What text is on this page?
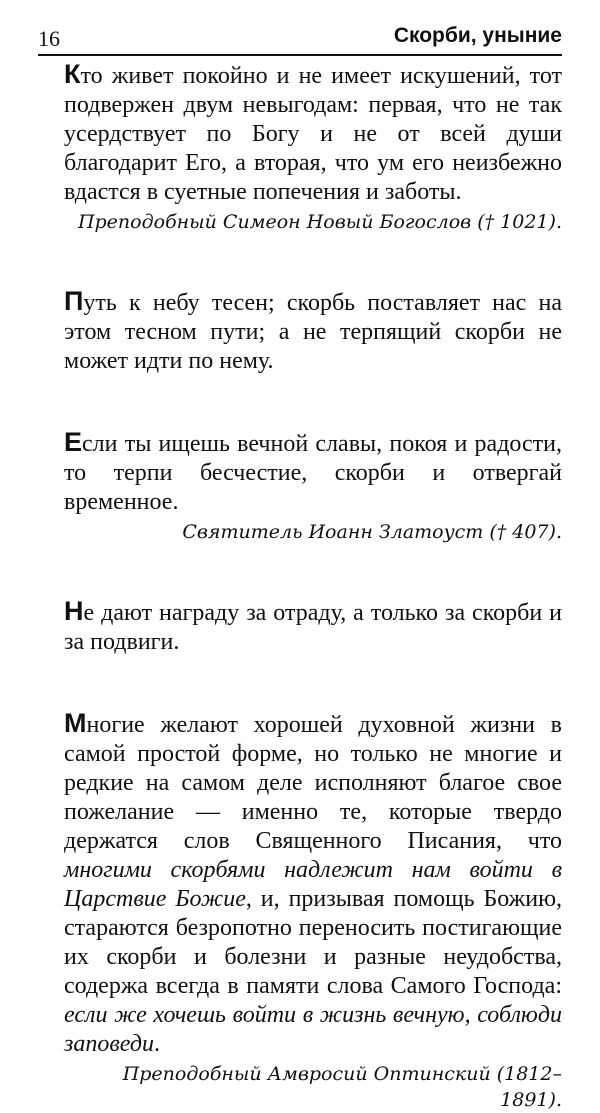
16	Скорби, уныние

Кто живет покойно и не имеет искушений, тот подвержен двум невыгодам: первая, что не так усердствует по Богу и не от всей души благодарит Его, а вторая, что ум его неизбежно вдастся в суетные попечения и заботы.

Преподобный Симеон Новый Богослов († 1021).

Путь к небу тесен; скорбь поставляет нас на этом тесном пути; а не терпящий скорби не может идти по нему.

Если ты ищешь вечной славы, покоя и радости, то терпи бесчестие, скорби и отвергай временное.

Святитель Иоанн Златоуст († 407).

Не дают награду за отраду, а только за скорби и за подвиги.

Многие желают хорошей духовной жизни в самой простой форме, но только не многие и редкие на самом деле исполняют благое свое пожелание — именно те, которые твердо держатся слов Священного Писания, что многими скорбями надлежит нам войти в Царствие Божие, и, призывая помощь Божию, стараются безропотно переносить постигающие их скорби и болезни и разные неудобства, содержа всегда в памяти слова Самого Господа: если же хочешь войти в жизнь вечную, соблюди заповеди.

Преподобный Амвросий Оптинский (1812–1891).
